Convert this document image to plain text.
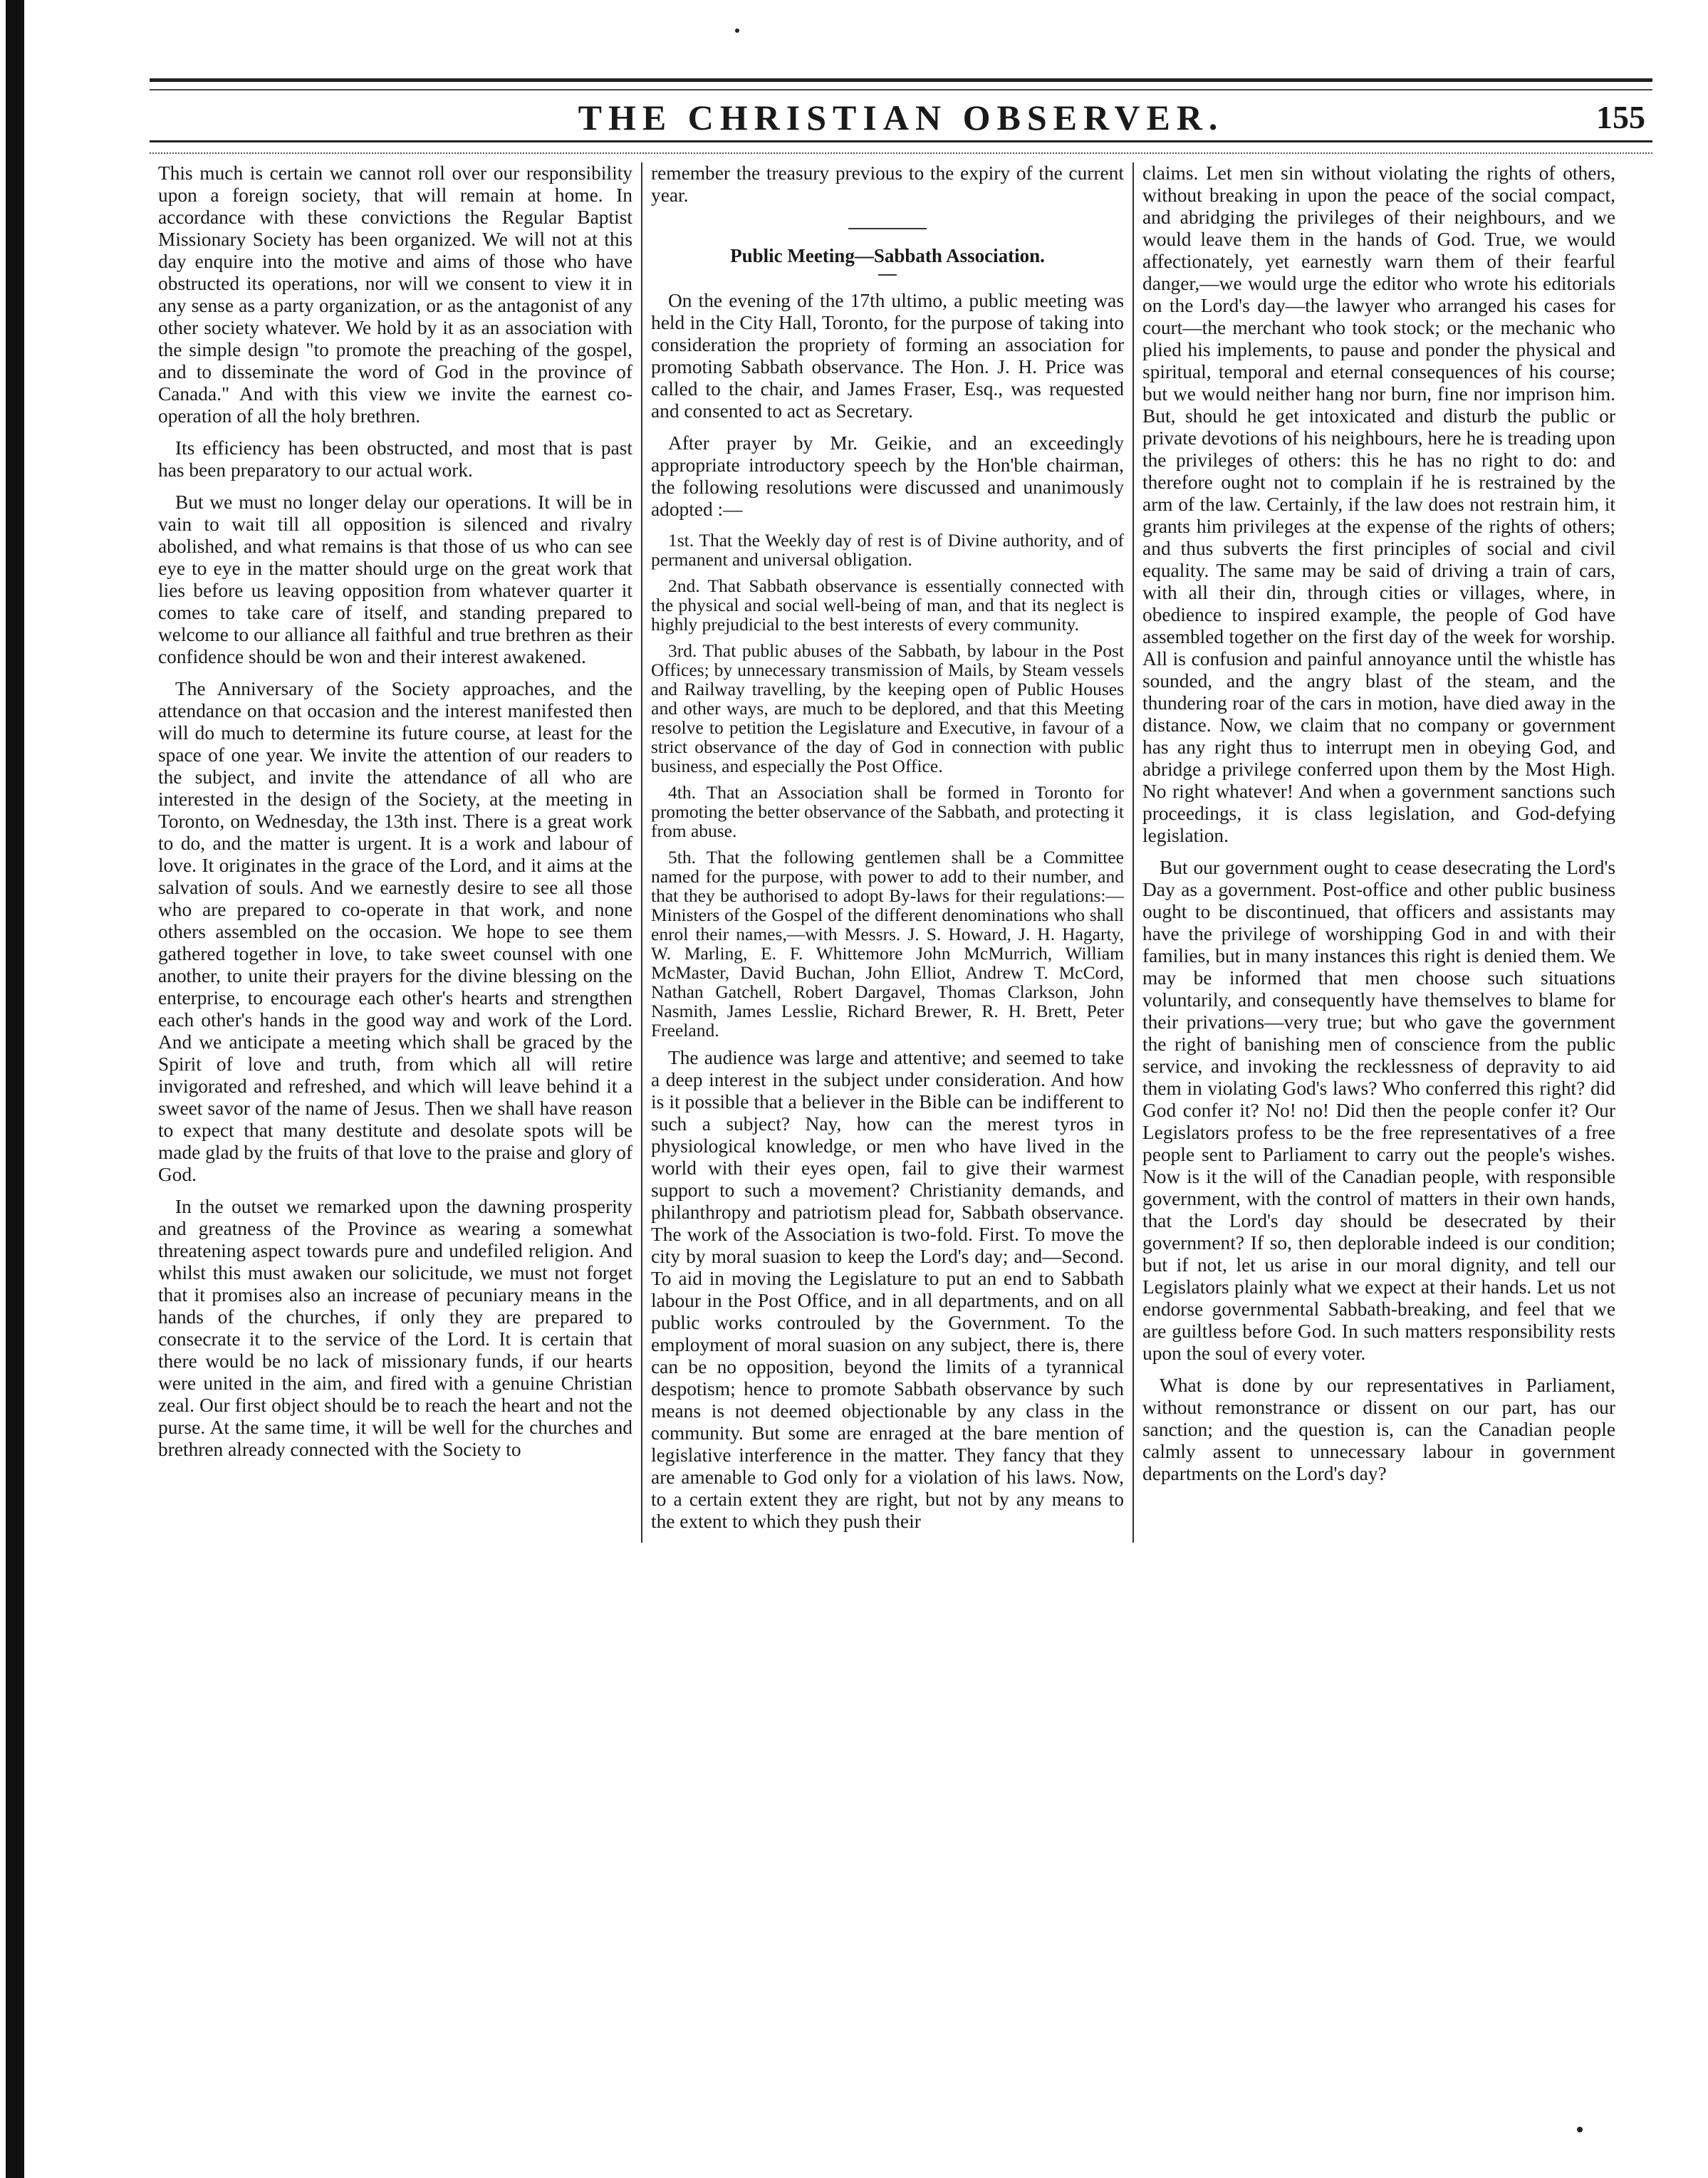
THE CHRISTIAN OBSERVER.	155

This much is certain we cannot roll over our responsibility upon a foreign society, that will remain at home. In accordance with these convictions the Regular Baptist Missionary Society has been organized. We will not at this day enquire into the motive and aims of those who have obstructed its operations, nor will we consent to view it in any sense as a party organization, or as the antagonist of any other society whatever. We hold by it as an association with the simple design "to promote the preaching of the gospel, and to disseminate the word of God in the province of Canada." And with this view we invite the earnest co-operation of all the holy brethren.

Its efficiency has been obstructed, and most that is past has been preparatory to our actual work.

But we must no longer delay our operations. It will be in vain to wait till all opposition is silenced and rivalry abolished, and what remains is that those of us who can see eye to eye in the matter should urge on the great work that lies before us leaving opposition from whatever quarter it comes to take care of itself, and standing prepared to welcome to our alliance all faithful and true brethren as their confidence should be won and their interest awakened.

The Anniversary of the Society approaches, and the attendance on that occasion and the interest manifested then will do much to determine its future course, at least for the space of one year. We invite the attention of our readers to the subject, and invite the attendance of all who are interested in the design of the Society, at the meeting in Toronto, on Wednesday, the 13th inst. There is a great work to do, and the matter is urgent. It is a work and labour of love. It originates in the grace of the Lord, and it aims at the salvation of souls. And we earnestly desire to see all those who are prepared to co-operate in that work, and none others assembled on the occasion. We hope to see them gathered together in love, to take sweet counsel with one another, to unite their prayers for the divine blessing on the enterprise, to encourage each other's hearts and strengthen each other's hands in the good way and work of the Lord. And we anticipate a meeting which shall be graced by the Spirit of love and truth, from which all will retire invigorated and refreshed, and which will leave behind it a sweet savor of the name of Jesus. Then we shall have reason to expect that many destitute and desolate spots will be made glad by the fruits of that love to the praise and glory of God.

In the outset we remarked upon the dawning prosperity and greatness of the Province as wearing a somewhat threatening aspect towards pure and undefiled religion. And whilst this must awaken our solicitude, we must not forget that it promises also an increase of pecuniary means in the hands of the churches, if only they are prepared to consecrate it to the service of the Lord. It is certain that there would be no lack of missionary funds, if our hearts were united in the aim, and fired with a genuine Christian zeal. Our first object should be to reach the heart and not the purse. At the same time, it will be well for the churches and brethren already connected with the Society to

remember the treasury previous to the expiry of the current year.

Public Meeting—Sabbath Association.

On the evening of the 17th ultimo, a public meeting was held in the City Hall, Toronto, for the purpose of taking into consideration the propriety of forming an association for promoting Sabbath observance. The Hon. J. H. Price was called to the chair, and James Fraser, Esq., was requested and consented to act as Secretary.

After prayer by Mr. Geikie, and an exceedingly appropriate introductory speech by the Hon'ble chairman, the following resolutions were discussed and unanimously adopted :—

1st. That the Weekly day of rest is of Divine authority, and of permanent and universal obligation.

2nd. That Sabbath observance is essentially connected with the physical and social well-being of man, and that its neglect is highly prejudicial to the best interests of every community.

3rd. That public abuses of the Sabbath, by labour in the Post Offices; by unnecessary transmission of Mails, by Steam vessels and Railway travelling, by the keeping open of Public Houses and other ways, are much to be deplored, and that this Meeting resolve to petition the Legislature and Executive, in favour of a strict observance of the day of God in connection with public business, and especially the Post Office.

4th. That an Association shall be formed in Toronto for promoting the better observance of the Sabbath, and protecting it from abuse.

5th. That the following gentlemen shall be a Committee named for the purpose, with power to add to their number, and that they be authorised to adopt By-laws for their regulations:—Ministers of the Gospel of the different denominations who shall enrol their names,—with Messrs. J. S. Howard, J. H. Hagarty, W. Marling, E. F. Whittemore John McMurrich, William McMaster, David Buchan, John Elliot, Andrew T. McCord, Nathan Gatchell, Robert Dargavel, Thomas Clarkson, John Nasmith, James Lesslie, Richard Brewer, R. H. Brett, Peter Freeland.

The audience was large and attentive; and seemed to take a deep interest in the subject under consideration. And how is it possible that a believer in the Bible can be indifferent to such a subject? Nay, how can the merest tyros in physiological knowledge, or men who have lived in the world with their eyes open, fail to give their warmest support to such a movement? Christianity demands, and philanthropy and patriotism plead for, Sabbath observance. The work of the Association is two-fold. First. To move the city by moral suasion to keep the Lord's day; and—Second. To aid in moving the Legislature to put an end to Sabbath labour in the Post Office, and in all departments, and on all public works controuled by the Government. To the employment of moral suasion on any subject, there is, there can be no opposition, beyond the limits of a tyrannical despotism; hence to promote Sabbath observance by such means is not deemed objectionable by any class in the community. But some are enraged at the bare mention of legislative interference in the matter. They fancy that they are amenable to God only for a violation of his laws. Now, to a certain extent they are right, but not by any means to the extent to which they push their

claims. Let men sin without violating the rights of others, without breaking in upon the peace of the social compact, and abridging the privileges of their neighbours, and we would leave them in the hands of God. True, we would affectionately, yet earnestly warn them of their fearful danger,—we would urge the editor who wrote his editorials on the Lord's day—the lawyer who arranged his cases for court—the merchant who took stock; or the mechanic who plied his implements, to pause and ponder the physical and spiritual, temporal and eternal consequences of his course; but we would neither hang nor burn, fine nor imprison him. But, should he get intoxicated and disturb the public or private devotions of his neighbours, here he is treading upon the privileges of others: this he has no right to do: and therefore ought not to complain if he is restrained by the arm of the law. Certainly, if the law does not restrain him, it grants him privileges at the expense of the rights of others; and thus subverts the first principles of social and civil equality. The same may be said of driving a train of cars, with all their din, through cities or villages, where, in obedience to inspired example, the people of God have assembled together on the first day of the week for worship. All is confusion and painful annoyance until the whistle has sounded, and the angry blast of the steam, and the thundering roar of the cars in motion, have died away in the distance. Now, we claim that no company or government has any right thus to interrupt men in obeying God, and abridge a privilege conferred upon them by the Most High. No right whatever! And when a government sanctions such proceedings, it is class legislation, and God-defying legislation.

But our government ought to cease desecrating the Lord's Day as a government. Post-office and other public business ought to be discontinued, that officers and assistants may have the privilege of worshipping God in and with their families, but in many instances this right is denied them. We may be informed that men choose such situations voluntarily, and consequently have themselves to blame for their privations—very true; but who gave the government the right of banishing men of conscience from the public service, and invoking the recklessness of depravity to aid them in violating God's laws? Who conferred this right? did God confer it? No! no! Did then the people confer it? Our Legislators profess to be the free representatives of a free people sent to Parliament to carry out the people's wishes. Now is it the will of the Canadian people, with responsible government, with the control of matters in their own hands, that the Lord's day should be desecrated by their government? If so, then deplorable indeed is our condition; but if not, let us arise in our moral dignity, and tell our Legislators plainly what we expect at their hands. Let us not endorse governmental Sabbath-breaking, and feel that we are guiltless before God. In such matters responsibility rests upon the soul of every voter.

What is done by our representatives in Parliament, without remonstrance or dissent on our part, has our sanction; and the question is, can the Canadian people calmly assent to unnecessary labour in government departments on the Lord's day?
